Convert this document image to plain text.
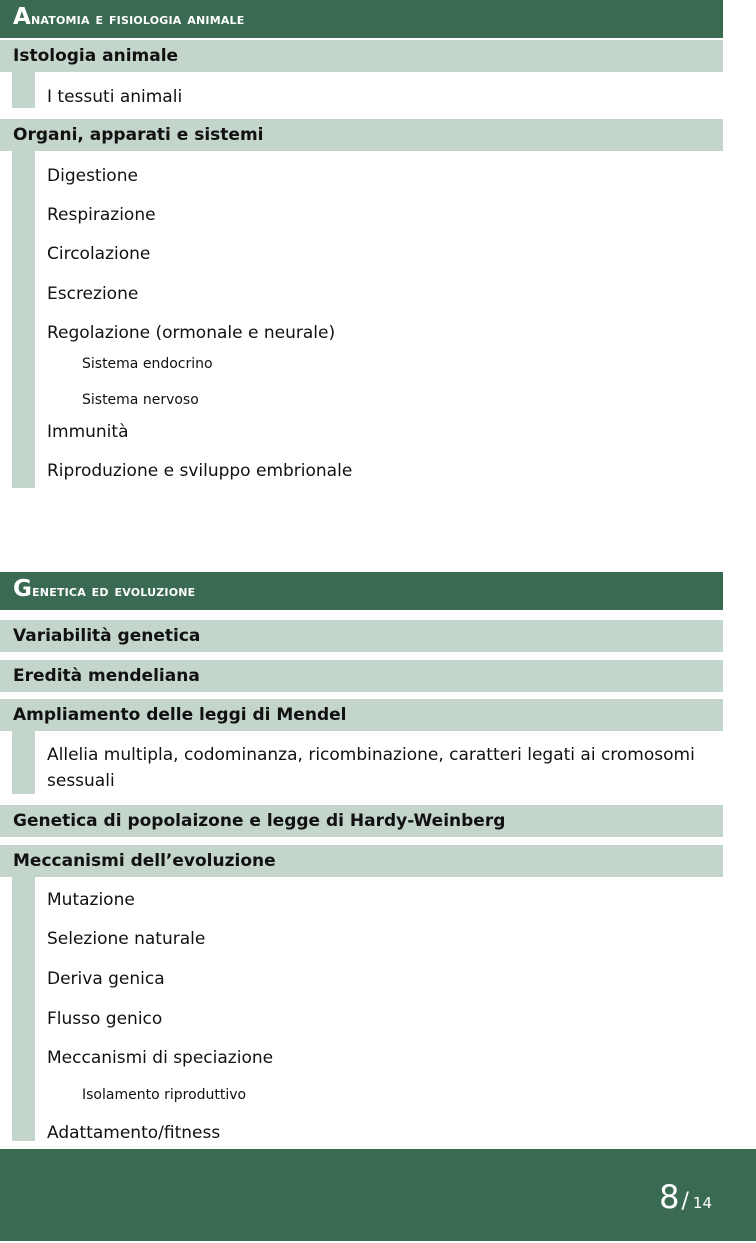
Anatomia e fisiologia animale
Istologia animale
I tessuti animali
Organi, apparati e sistemi
Digestione
Respirazione
Circolazione
Escrezione
Regolazione (ormonale e neurale)
Sistema endocrino
Sistema nervoso
Immunità
Riproduzione e sviluppo embrionale
Genetica ed evoluzione
Variabilità genetica
Eredità mendeliana
Ampliamento delle leggi di Mendel
Allelia multipla, codominanza, ricombinazione, caratteri legati ai cromosomi sessuali
Genetica di popolaizone e legge di Hardy-Weinberg
Meccanismi dell’evoluzione
Mutazione
Selezione naturale
Deriva genica
Flusso genico
Meccanismi di speciazione
Isolamento riproduttivo
Adattamento/fitness
8/ 14
